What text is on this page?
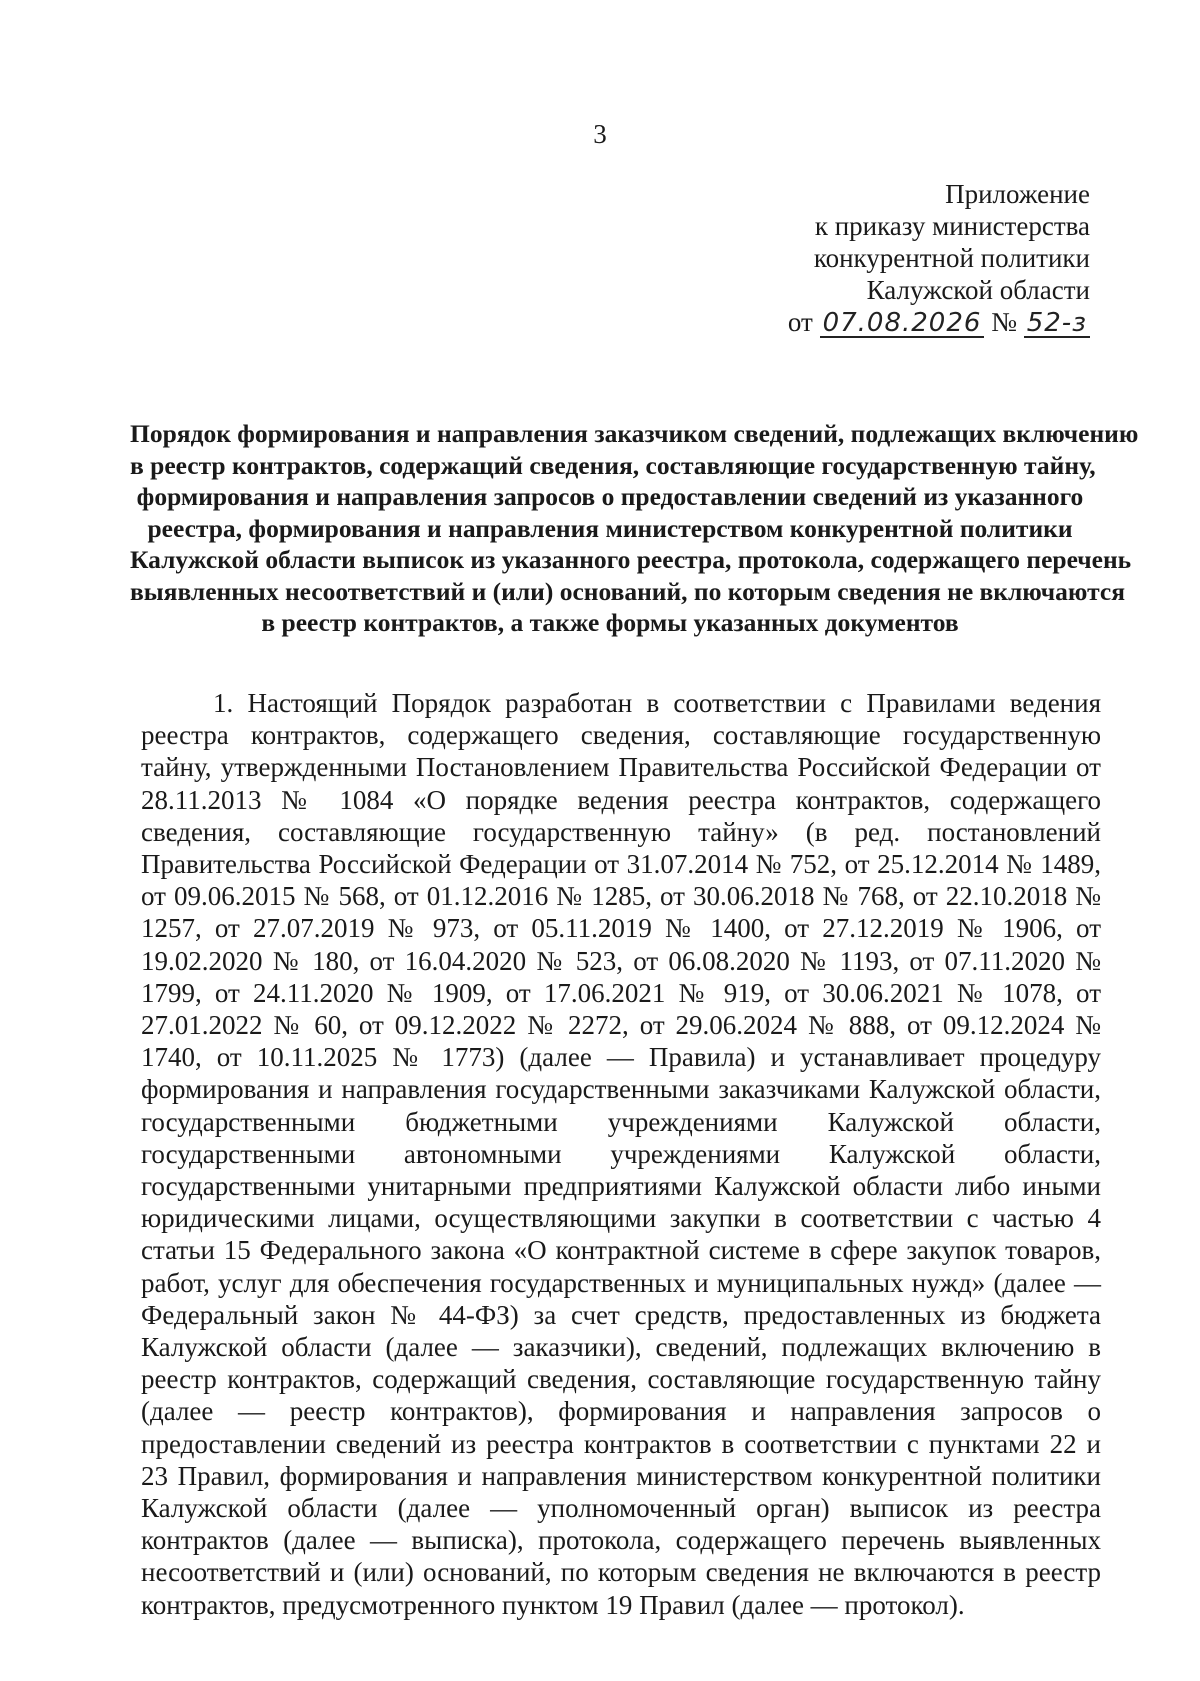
3
Приложение
к приказу министерства
конкурентной политики
Калужской области
от 07.08.2026 № 52-з
Порядок формирования и направления заказчиком сведений, подлежащих включению
в реестр контрактов, содержащий сведения, составляющие государственную тайну,
формирования и направления запросов о предоставлении сведений из указанного
реестра, формирования и направления министерством конкурентной политики
Калужской области выписок из указанного реестра, протокола, содержащего перечень
выявленных несоответствий и (или) оснований, по которым сведения не включаются
в реестр контрактов, а также формы указанных документов

1. Настоящий Порядок разработан в соответствии с Правилами ведения реестра контрактов, содержащего сведения, составляющие государственную тайну, утвержденными Постановлением Правительства Российской Федерации от 28.11.2013 № 1084 «О порядке ведения реестра контрактов, содержащего сведения, составляющие государственную тайну» (в ред. постановлений Правительства Российской Федерации от 31.07.2014 № 752, от 25.12.2014 № 1489, от 09.06.2015 № 568, от 01.12.2016 № 1285, от 30.06.2018 № 768, от 22.10.2018 № 1257, от 27.07.2019 № 973, от 05.11.2019 № 1400, от 27.12.2019 № 1906, от 19.02.2020 № 180, от 16.04.2020 № 523, от 06.08.2020 № 1193, от 07.11.2020 № 1799, от 24.11.2020 № 1909, от 17.06.2021 № 919, от 30.06.2021 № 1078, от 27.01.2022 № 60, от 09.12.2022 № 2272, от 29.06.2024 № 888, от 09.12.2024 № 1740, от 10.11.2025 № 1773) (далее — Правила) и устанавливает процедуру формирования и направления государственными заказчиками Калужской области, государственными бюджетными учреждениями Калужской области, государственными автономными учреждениями Калужской области, государственными унитарными предприятиями Калужской области либо иными юридическими лицами, осуществляющими закупки в соответствии с частью 4 статьи 15 Федерального закона «О контрактной системе в сфере закупок товаров, работ, услуг для обеспечения государственных и муниципальных нужд» (далее — Федеральный закон № 44-ФЗ) за счет средств, предоставленных из бюджета Калужской области (далее — заказчики), сведений, подлежащих включению в реестр контрактов, содержащий сведения, составляющие государственную тайну (далее — реестр контрактов), формирования и направления запросов о предоставлении сведений из реестра контрактов в соответствии с пунктами 22 и 23 Правил, формирования и направления министерством конкурентной политики Калужской области (далее — уполномоченный орган) выписок из реестра контрактов (далее — выписка), протокола, содержащего перечень выявленных несоответствий и (или) оснований, по которым сведения не включаются в реестр контрактов, предусмотренного пунктом 19 Правил (далее — протокол).
